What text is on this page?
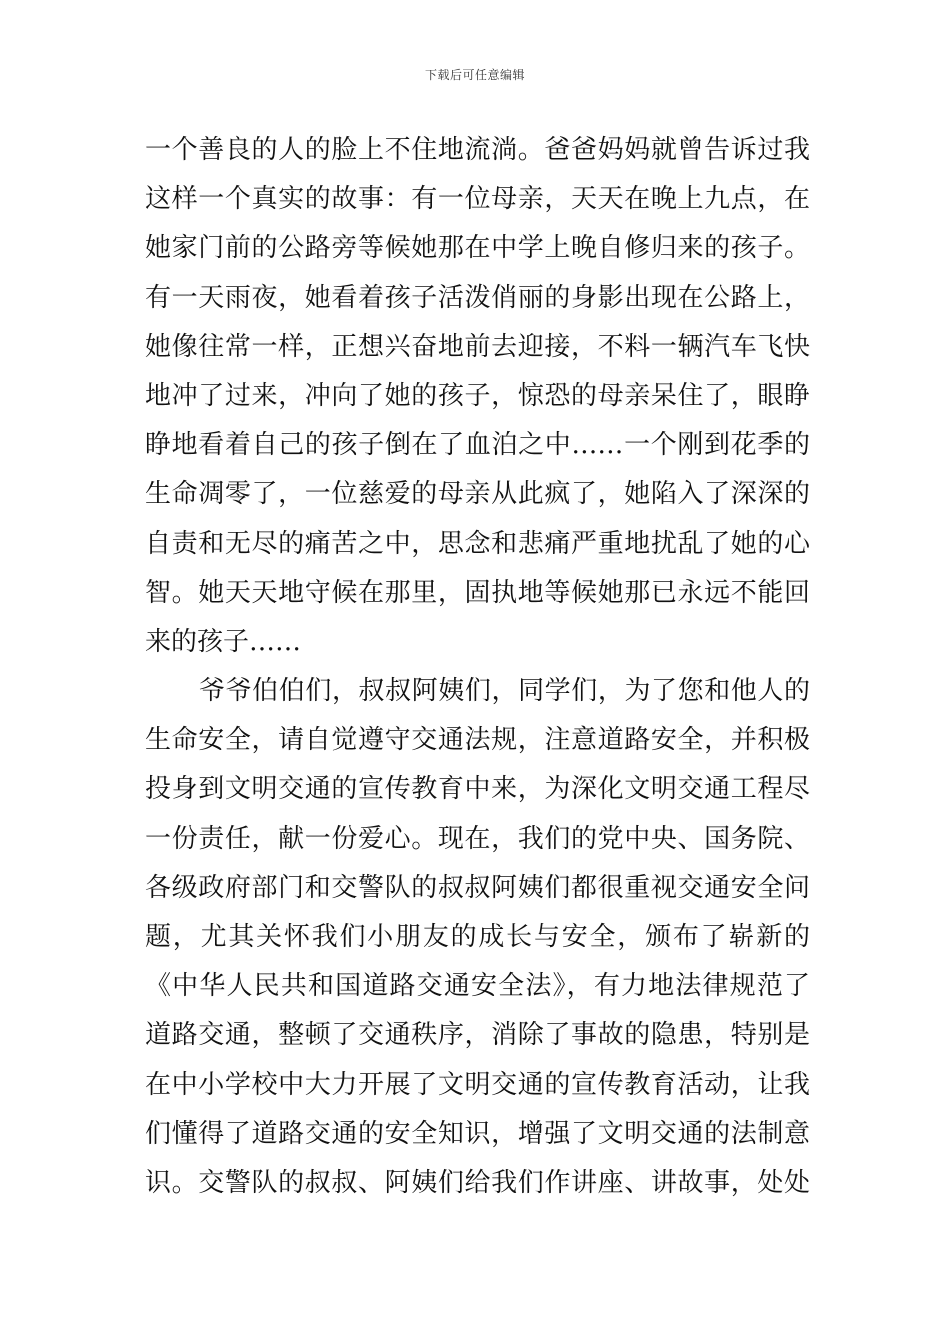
下载后可任意编辑
一个善良的人的脸上不住地流淌。爸爸妈妈就曾告诉过我
这样一个真实的故事：有一位母亲，天天在晚上九点，在
她家门前的公路旁等候她那在中学上晚自修归来的孩子。
有一天雨夜，她看着孩子活泼俏丽的身影出现在公路上，
她像往常一样，正想兴奋地前去迎接，不料一辆汽车飞快
地冲了过来，冲向了她的孩子，惊恐的母亲呆住了，眼睁
睁地看着自己的孩子倒在了血泊之中……一个刚到花季的
生命凋零了，一位慈爱的母亲从此疯了，她陷入了深深的
自责和无尽的痛苦之中，思念和悲痛严重地扰乱了她的心
智。她天天地守候在那里，固执地等候她那已永远不能回
来的孩子……
爷爷伯伯们，叔叔阿姨们，同学们，为了您和他人的
生命安全，请自觉遵守交通法规，注意道路安全，并积极
投身到文明交通的宣传教育中来，为深化文明交通工程尽
一份责任，献一份爱心。现在，我们的党中央、国务院、
各级政府部门和交警队的叔叔阿姨们都很重视交通安全问
题，尤其关怀我们小朋友的成长与安全，颁布了崭新的
《中华人民共和国道路交通安全法》，有力地法律规范了
道路交通，整顿了交通秩序，消除了事故的隐患，特别是
在中小学校中大力开展了文明交通的宣传教育活动，让我
们懂得了道路交通的安全知识，增强了文明交通的法制意
识。交警队的叔叔、阿姨们给我们作讲座、讲故事，处处
